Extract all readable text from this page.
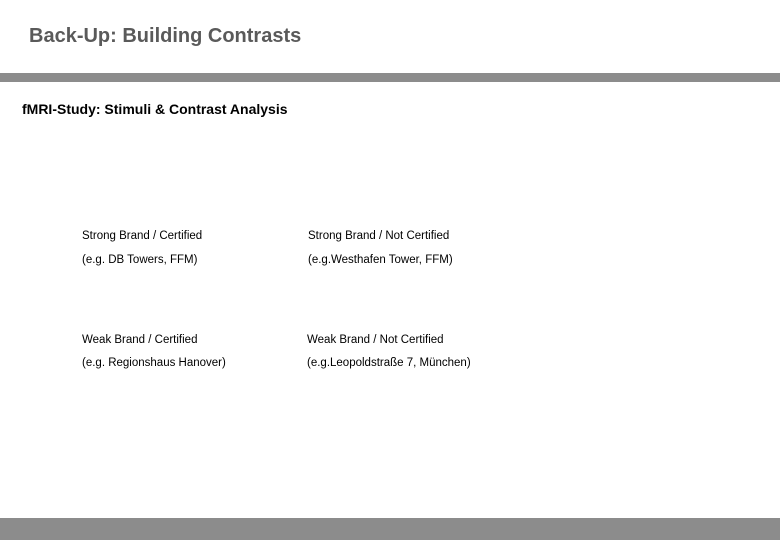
Back-Up: Building Contrasts
fMRI-Study: Stimuli & Contrast Analysis
Strong Brand / Certified
(e.g. DB Towers, FFM)
Strong Brand / Not Certified
(e.g.Westhafen Tower, FFM)
Weak Brand / Certified
(e.g. Regionshaus Hanover)
Weak Brand / Not Certified
(e.g.Leopoldstraße 7, München)
